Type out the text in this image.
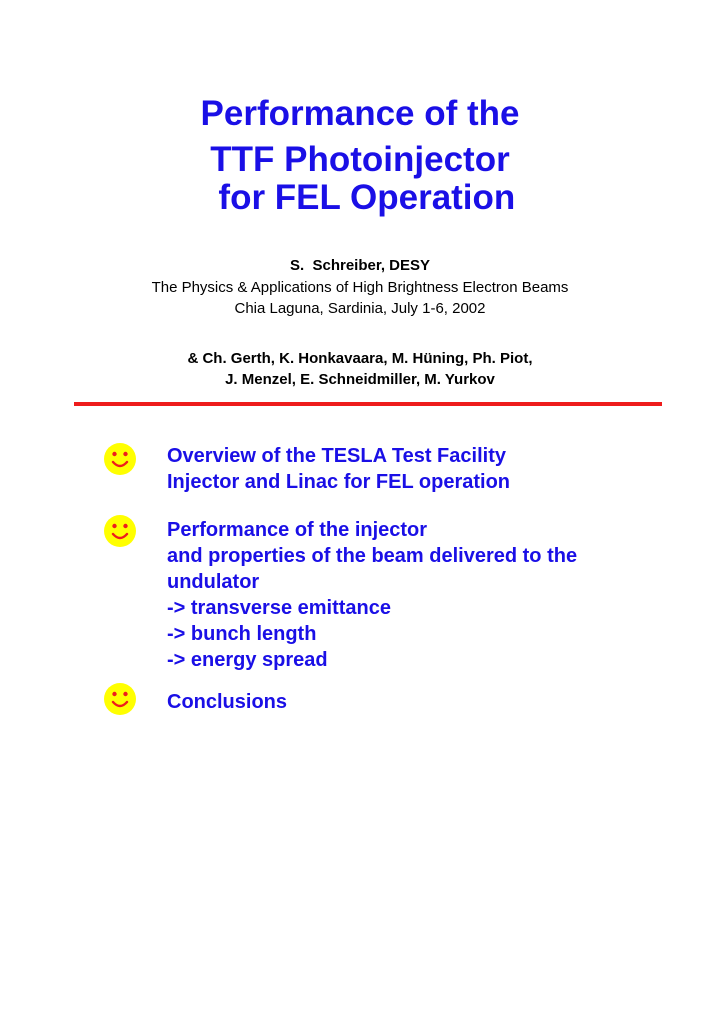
Performance of the
TTF Photoinjector
for FEL Operation
S.  Schreiber, DESY
The Physics & Applications of High Brightness Electron Beams
Chia Laguna, Sardinia, July 1-6, 2002
& Ch. Gerth, K. Honkavaara, M. Hüning, Ph. Piot,
J. Menzel, E. Schneidmiller, M. Yurkov
Overview of the TESLA Test Facility
Injector and Linac for FEL operation
Performance of the injector
and properties of the beam delivered to the
undulator
-> transverse emittance
-> bunch length
-> energy spread
Conclusions
